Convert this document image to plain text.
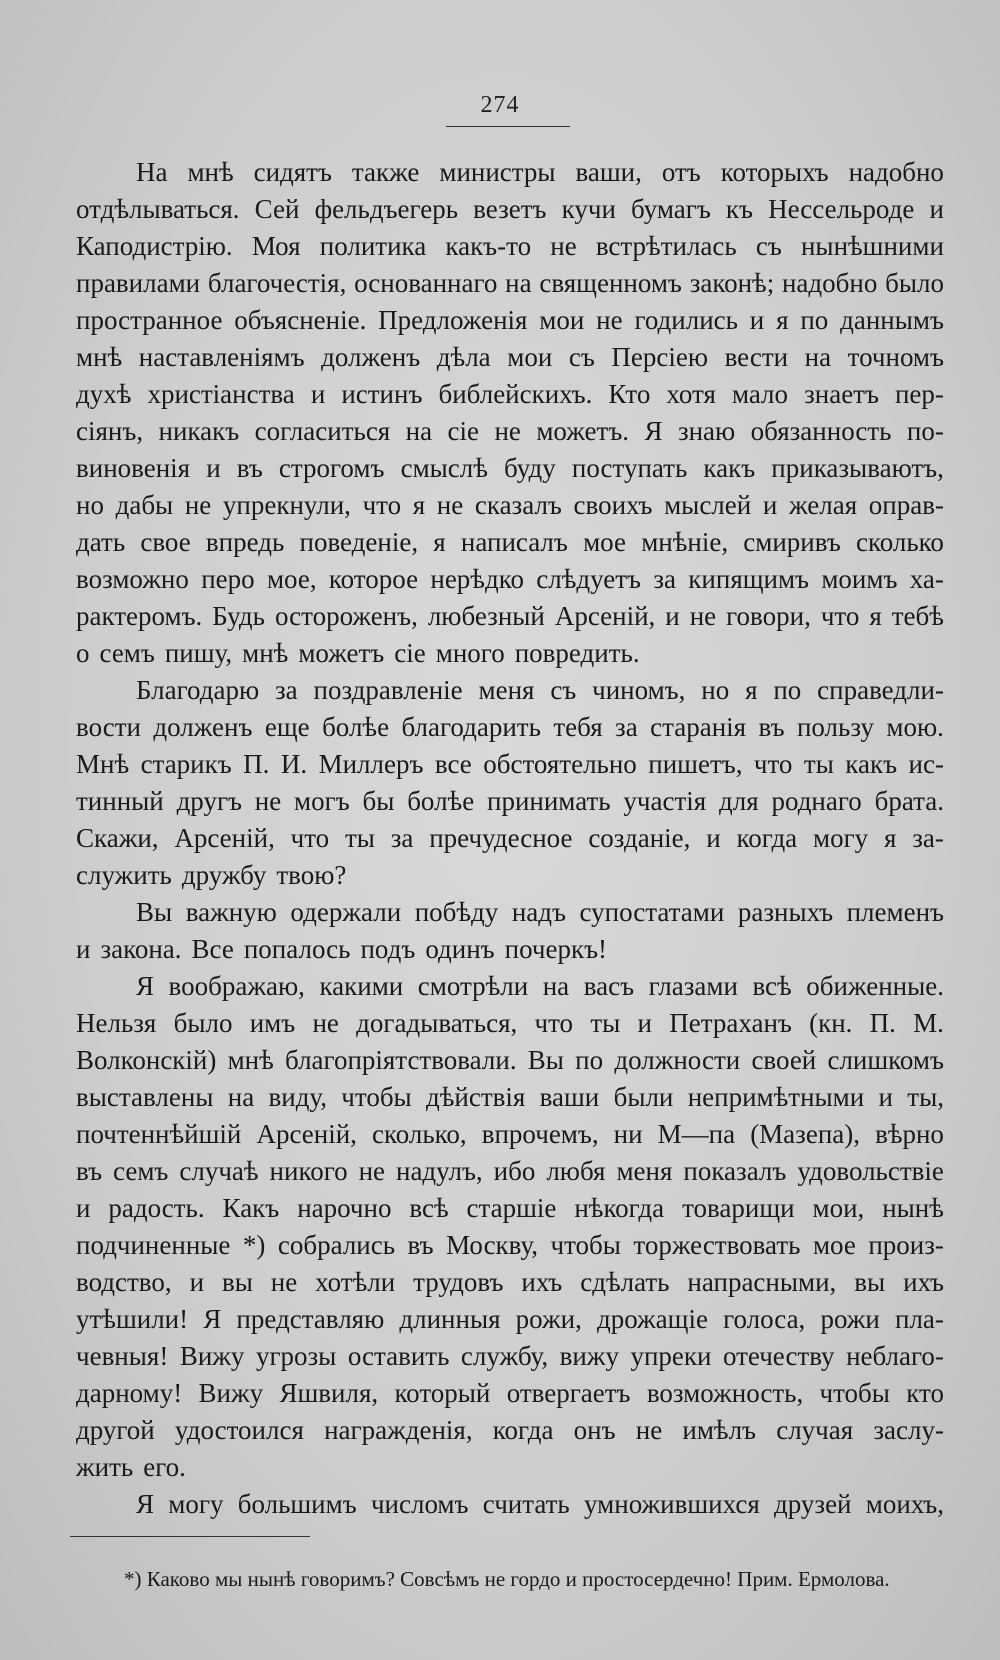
274
На мнѣ сидятъ также министры ваши, отъ которыхъ надобно
отдѣлываться. Сей фельдъегерь везетъ кучи бумагъ къ Нессельроде и
Каподистрію. Моя политика какъ-то не встрѣтилась съ нынѣшними
правилами благочестія, основаннаго на священномъ законѣ; надобно было
пространное объясненіе. Предложенія мои не годились и я по даннымъ
мнѣ наставленіямъ долженъ дѣла мои съ Персіею вести на точномъ
духѣ христіанства и истинъ библейскихъ. Кто хотя мало знаетъ пер-
сіянъ, никакъ согласиться на сіе не можетъ. Я знаю обязанность по-
виновенія и въ строгомъ смыслѣ буду поступать какъ приказываютъ,
но дабы не упрекнули, что я не сказалъ своихъ мыслей и желая оправ-
дать свое впредь поведеніе, я написалъ мое мнѣніе, смиривъ сколько
возможно перо мое, которое нерѣдко слѣдуетъ за кипящимъ моимъ ха-
рактеромъ. Будь остороженъ, любезный Арсеній, и не говори, что я тебѣ
о семъ пишу, мнѣ можетъ сіе много повредить.
Благодарю за поздравленіе меня съ чиномъ, но я по справедли-
вости долженъ еще болѣе благодарить тебя за старанія въ пользу мою.
Мнѣ старикъ П. И. Миллеръ все обстоятельно пишетъ, что ты какъ ис-
тинный другъ не могъ бы болѣе принимать участія для роднаго брата.
Скажи, Арсеній, что ты за пречудесное созданіе, и когда могу я за-
служить дружбу твою?
Вы важную одержали побѣду надъ супостатами разныхъ племенъ
и закона. Все попалось подъ одинъ почеркъ!
Я воображаю, какими смотрѣли на васъ глазами всѣ обиженные.
Нельзя было имъ не догадываться, что ты и Петраханъ (кн. П. М.
Волконскій) мнѣ благопріятствовали. Вы по должности своей слишкомъ
выставлены на виду, чтобы дѣйствія ваши были непримѣтными и ты,
почтеннѣйшій Арсеній, сколько, впрочемъ, ни М—па (Мазепа), вѣрно
въ семъ случаѣ никого не надулъ, ибо любя меня показалъ удовольствіе
и радость. Какъ нарочно всѣ старшіе нѣкогда товарищи мои, нынѣ
подчиненные *) собрались въ Москву, чтобы торжествовать мое произ-
водство, и вы не хотѣли трудовъ ихъ сдѣлать напрасными, вы ихъ
утѣшили! Я представляю длинныя рожи, дрожащіе голоса, рожи пла-
чевныя! Вижу угрозы оставить службу, вижу упреки отечеству неблаго-
дарному! Вижу Яшвиля, который отвергаетъ возможность, чтобы кто
другой удостоился награжденія, когда онъ не имѣлъ случая заслу-
жить его.
Я могу большимъ числомъ считать умножившихся друзей моихъ,
*) Каково мы нынѣ говоримъ? Совсѣмъ не гордо и простосердечно! Прим. Ермолова.
